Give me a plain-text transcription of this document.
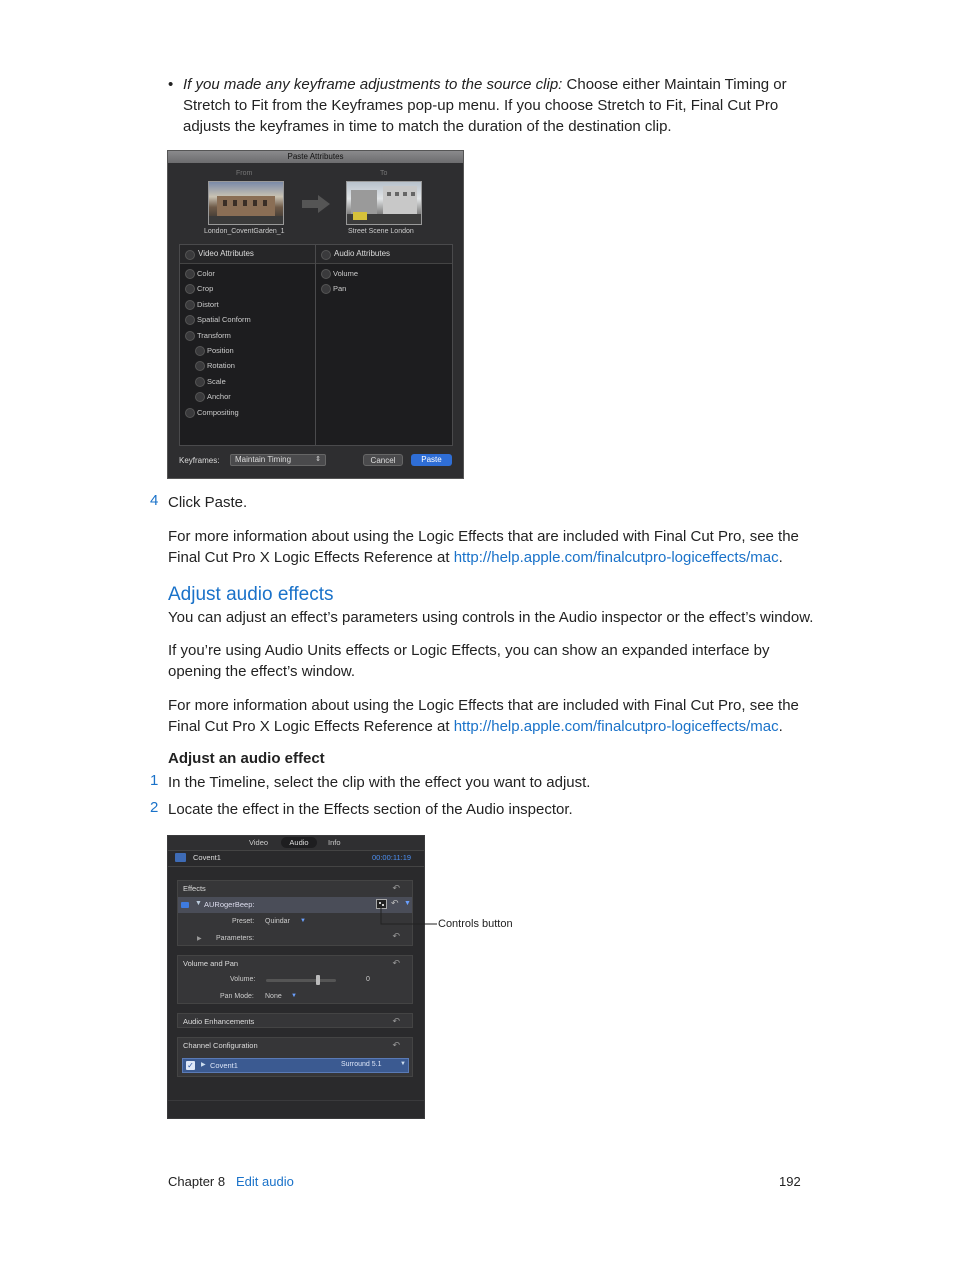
• If you made any keyframe adjustments to the source clip: Choose either Maintain Timing or
Stretch to Fit from the Keyframes pop-up menu. If you choose Stretch to Fit, Final Cut Pro
adjusts the keyframes in time to match the duration of the destination clip.
Paste Attributes
From	To
London_CoventGarden_1	Street Scene London
Video Attributes
Color
Crop
Distort
Spatial Conform
Transform
Position
Rotation
Scale
Anchor
Compositing
Audio Attributes
Volume
Pan
Keyframes:	Maintain Timing	⇕	Cancel	Paste
4 Click Paste.
For more information about using the Logic Effects that are included with Final Cut Pro, see the
Final Cut Pro X Logic Effects Reference at http://help.apple.com/finalcutpro-logiceffects/mac.
Adjust audio effects
You can adjust an effect’s parameters using controls in the Audio inspector or the effect’s window.
If you’re using Audio Units effects or Logic Effects, you can show an expanded interface by
opening the effect’s window.
For more information about using the Logic Effects that are included with Final Cut Pro, see the
Final Cut Pro X Logic Effects Reference at http://help.apple.com/finalcutpro-logiceffects/mac.
Adjust an audio effect
1 In the Timeline, select the clip with the effect you want to adjust.
2 Locate the effect in the Effects section of the Audio inspector.
Video	Audio	Info
Covent1	00:00:11:19
Effects	↶
▼ AURogerBeep:	↶ ▼
Preset: Quindar ▼
▶ Parameters:	↶
Volume and Pan	↶
Volume:	0
Pan Mode: None ▼
Audio Enhancements	↶
Channel Configuration	↶
✓ ▶ Covent1	Surround 5.1	▼
Controls button
Chapter 8 Edit audio	192
